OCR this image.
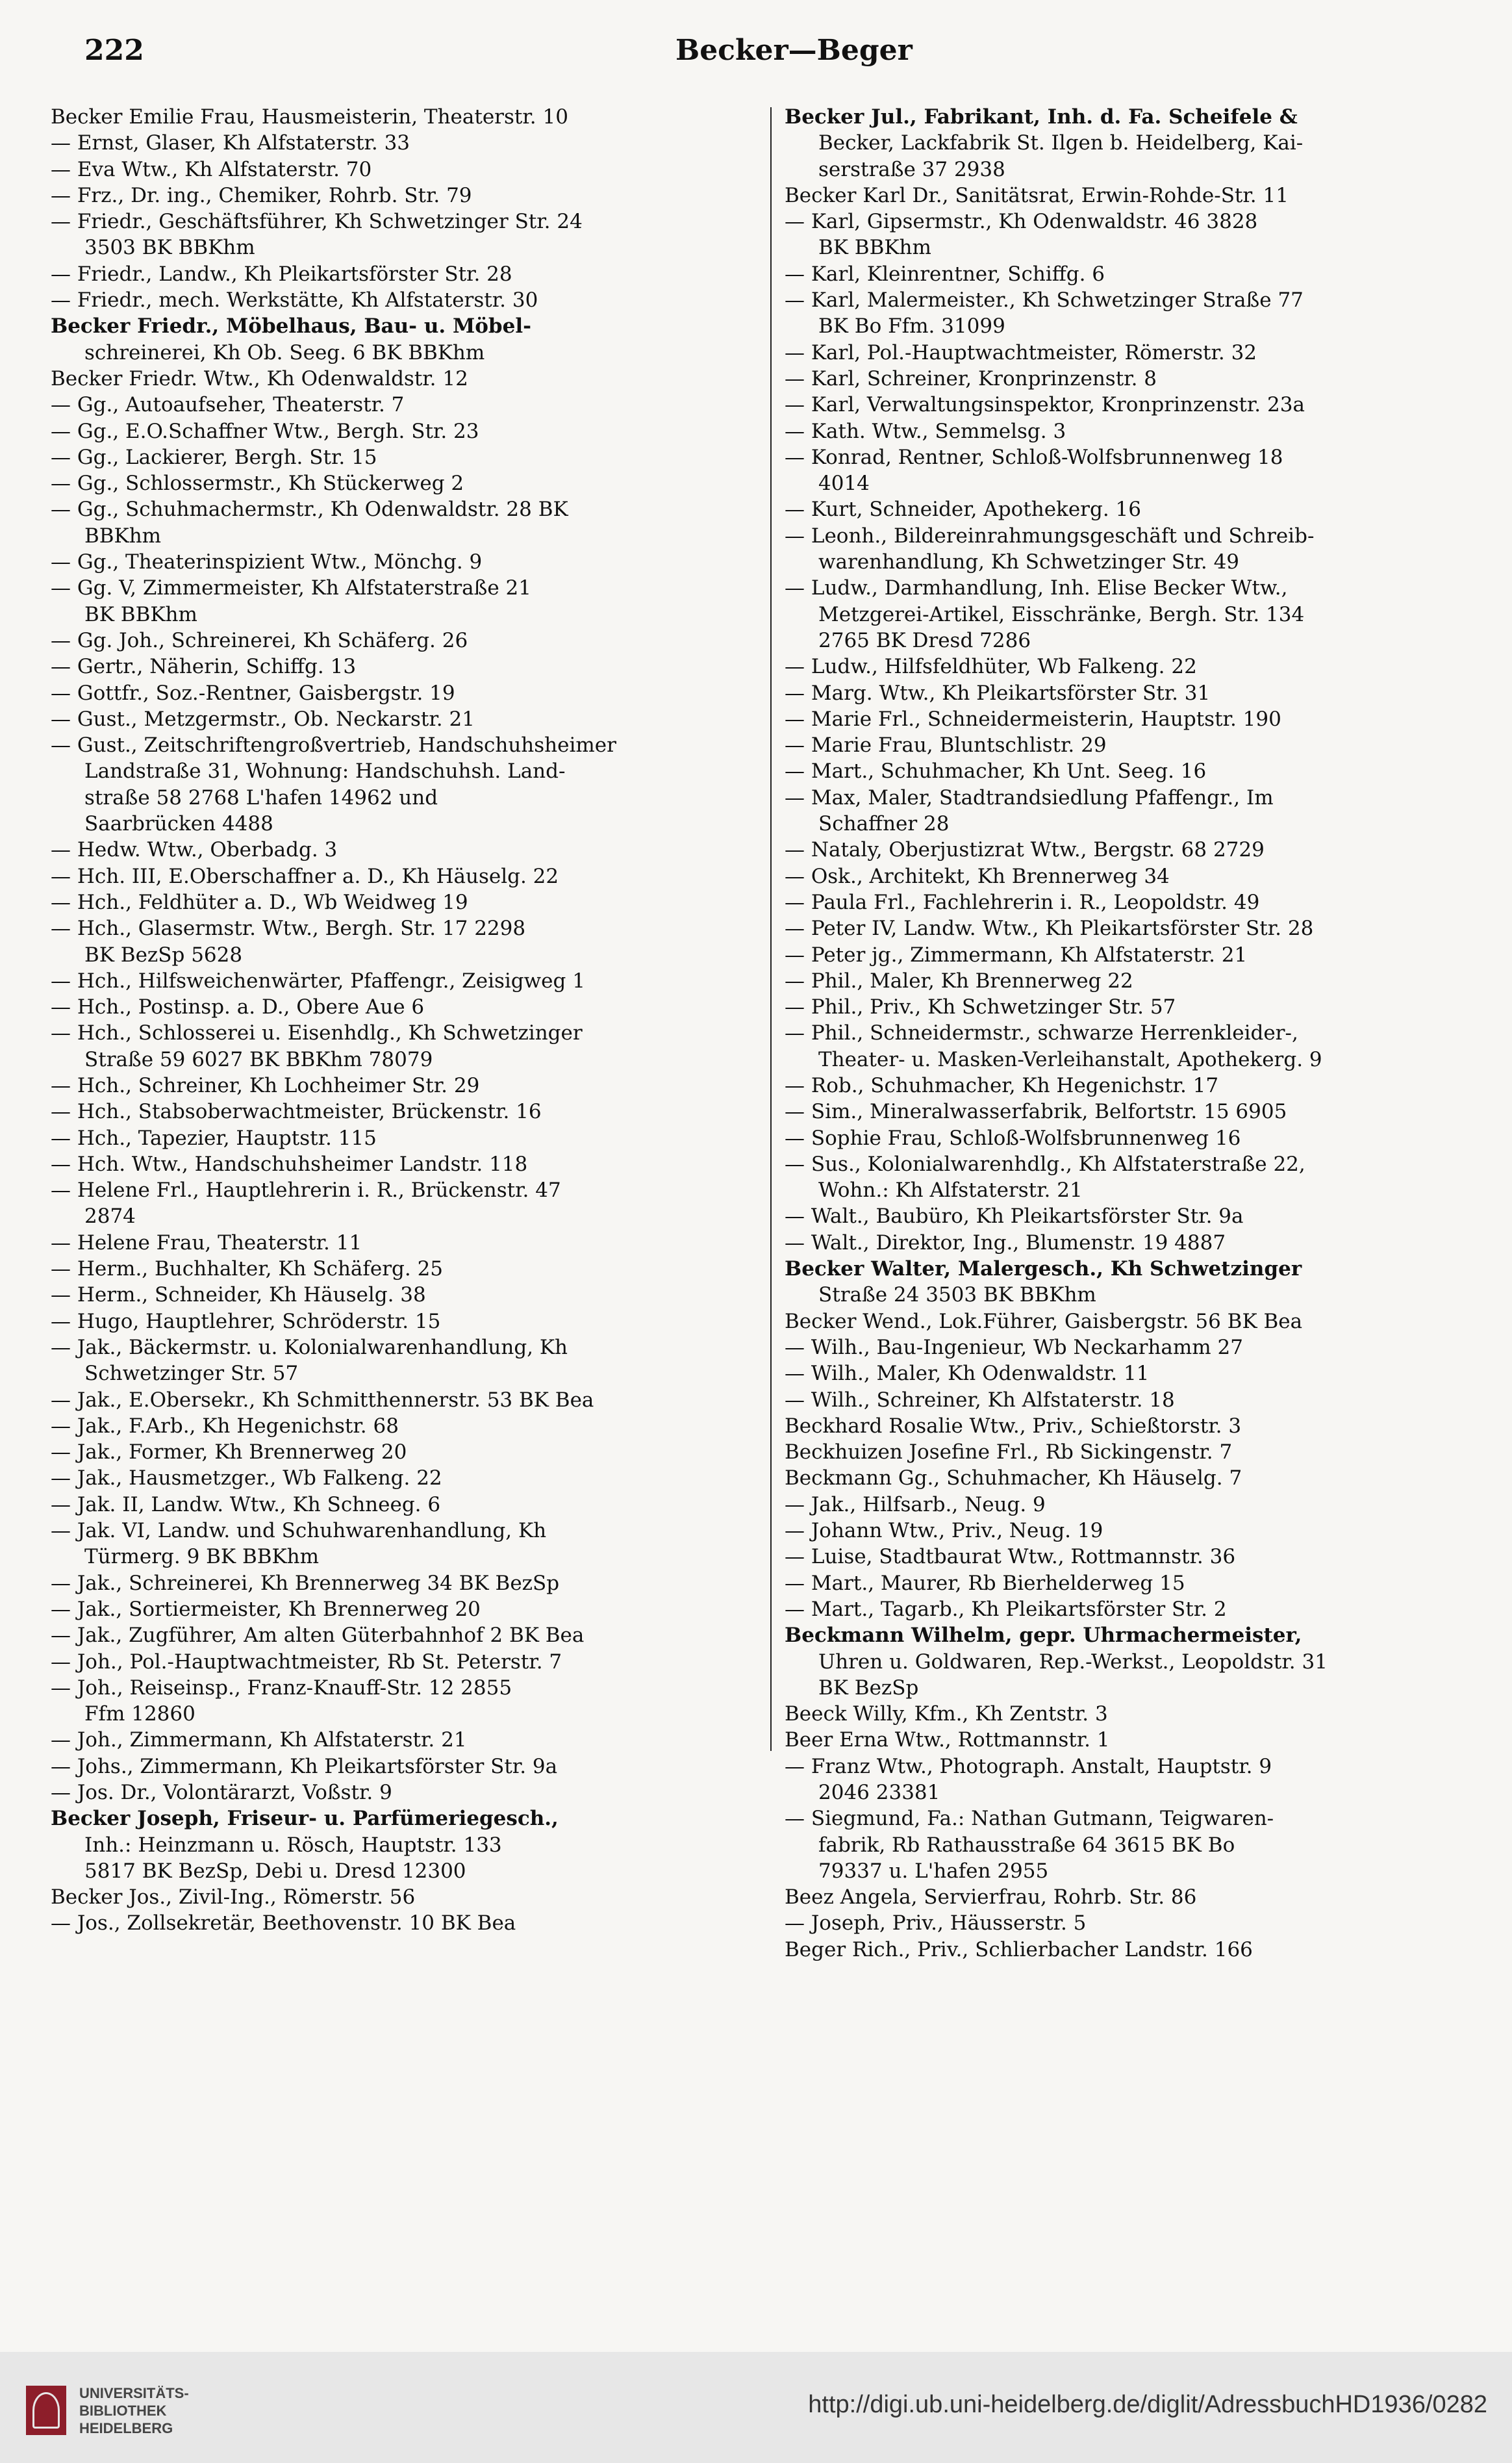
222	Becker—Beger
Becker Emilie Frau, Hausmeisterin, Theaterstr. 10
— Ernst, Glaser, Kh Alfstaterstr. 33
— Eva Wtw., Kh Alfstaterstr. 70
— Frz., Dr. ing., Chemiker, Rohrb. Str. 79
— Friedr., Geschäftsführer, Kh Schwetzinger Str. 24
3503 BK BBKhm
— Friedr., Landw., Kh Pleikartsförster Str. 28
— Friedr., mech. Werkstätte, Kh Alfstaterstr. 30
Becker Friedr., Möbelhaus, Bau- u. Möbel-
schreinerei, Kh Ob. Seeg. 6 BK BBKhm
Becker Friedr. Wtw., Kh Odenwaldstr. 12
— Gg., Autoaufseher, Theaterstr. 7
— Gg., E.O.Schaffner Wtw., Bergh. Str. 23
— Gg., Lackierer, Bergh. Str. 15
— Gg., Schlossermstr., Kh Stückerweg 2
— Gg., Schuhmachermstr., Kh Odenwaldstr. 28 BK
BBKhm
— Gg., Theaterinspizient Wtw., Mönchg. 9
— Gg. V, Zimmermeister, Kh Alfstaterstraße 21
BK BBKhm
— Gg. Joh., Schreinerei, Kh Schäferg. 26
— Gertr., Näherin, Schiffg. 13
— Gottfr., Soz.-Rentner, Gaisbergstr. 19
— Gust., Metzgermstr., Ob. Neckarstr. 21
— Gust., Zeitschriftengroßvertrieb, Handschuhsheimer
Landstraße 31, Wohnung: Handschuhsh. Land-
straße 58 2768 L'hafen 14962 und
Saarbrücken 4488
— Hedw. Wtw., Oberbadg. 3
— Hch. III, E.Oberschaffner a. D., Kh Häuselg. 22
— Hch., Feldhüter a. D., Wb Weidweg 19
— Hch., Glasermstr. Wtw., Bergh. Str. 17 2298
BK BezSp 5628
— Hch., Hilfsweichenwärter, Pfaffengr., Zeisigweg 1
— Hch., Postinsp. a. D., Obere Aue 6
— Hch., Schlosserei u. Eisenhdlg., Kh Schwetzinger
Straße 59 6027 BK BBKhm 78079
— Hch., Schreiner, Kh Lochheimer Str. 29
— Hch., Stabsoberwachtmeister, Brückenstr. 16
— Hch., Tapezier, Hauptstr. 115
— Hch. Wtw., Handschuhsheimer Landstr. 118
— Helene Frl., Hauptlehrerin i. R., Brückenstr. 47
2874
— Helene Frau, Theaterstr. 11
— Herm., Buchhalter, Kh Schäferg. 25
— Herm., Schneider, Kh Häuselg. 38
— Hugo, Hauptlehrer, Schröderstr. 15
— Jak., Bäckermstr. u. Kolonialwarenhandlung, Kh
Schwetzinger Str. 57
— Jak., E.Obersekr., Kh Schmitthennerstr. 53 BK Bea
— Jak., F.Arb., Kh Hegenichstr. 68
— Jak., Former, Kh Brennerweg 20
— Jak., Hausmetzger., Wb Falkeng. 22
— Jak. II, Landw. Wtw., Kh Schneeg. 6
— Jak. VI, Landw. und Schuhwarenhandlung, Kh
Türmerg. 9 BK BBKhm
— Jak., Schreinerei, Kh Brennerweg 34 BK BezSp
— Jak., Sortiermeister, Kh Brennerweg 20
— Jak., Zugführer, Am alten Güterbahnhof 2 BK Bea
— Joh., Pol.-Hauptwachtmeister, Rb St. Peterstr. 7
— Joh., Reiseinsp., Franz-Knauff-Str. 12 2855
Ffm 12860
— Joh., Zimmermann, Kh Alfstaterstr. 21
— Johs., Zimmermann, Kh Pleikartsförster Str. 9a
— Jos. Dr., Volontärarzt, Voßstr. 9
Becker Joseph, Friseur- u. Parfümeriegesch.,
Inh.: Heinzmann u. Rösch, Hauptstr. 133
5817 BK BezSp, Debi u. Dresd 12300
Becker Jos., Zivil-Ing., Römerstr. 56
— Jos., Zollsekretär, Beethovenstr. 10 BK Bea
Becker Jul., Fabrikant, Inh. d. Fa. Scheifele &
Becker, Lackfabrik St. Ilgen b. Heidelberg, Kai-
serstraße 37 2938
Becker Karl Dr., Sanitätsrat, Erwin-Rohde-Str. 11
— Karl, Gipsermstr., Kh Odenwaldstr. 46 3828
BK BBKhm
— Karl, Kleinrentner, Schiffg. 6
— Karl, Malermeister., Kh Schwetzinger Straße 77
BK Bo Ffm. 31099
— Karl, Pol.-Hauptwachtmeister, Römerstr. 32
— Karl, Schreiner, Kronprinzenstr. 8
— Karl, Verwaltungsinspektor, Kronprinzenstr. 23a
— Kath. Wtw., Semmelsg. 3
— Konrad, Rentner, Schloß-Wolfsbrunnenweg 18
4014
— Kurt, Schneider, Apothekerg. 16
— Leonh., Bildereinrahmungsgeschäft und Schreib-
warenhandlung, Kh Schwetzinger Str. 49
— Ludw., Darmhandlung, Inh. Elise Becker Wtw.,
Metzgerei-Artikel, Eisschränke, Bergh. Str. 134
2765 BK Dresd 7286
— Ludw., Hilfsfeldhüter, Wb Falkeng. 22
— Marg. Wtw., Kh Pleikartsförster Str. 31
— Marie Frl., Schneidermeisterin, Hauptstr. 190
— Marie Frau, Bluntschlistr. 29
— Mart., Schuhmacher, Kh Unt. Seeg. 16
— Max, Maler, Stadtrandsiedlung Pfaffengr., Im
Schaffner 28
— Nataly, Oberjustizrat Wtw., Bergstr. 68 2729
— Osk., Architekt, Kh Brennerweg 34
— Paula Frl., Fachlehrerin i. R., Leopoldstr. 49
— Peter IV, Landw. Wtw., Kh Pleikartsförster Str. 28
— Peter jg., Zimmermann, Kh Alfstaterstr. 21
— Phil., Maler, Kh Brennerweg 22
— Phil., Priv., Kh Schwetzinger Str. 57
— Phil., Schneidermstr., schwarze Herrenkleider-,
Theater- u. Masken-Verleihanstalt, Apothekerg. 9
— Rob., Schuhmacher, Kh Hegenichstr. 17
— Sim., Mineralwasserfabrik, Belfortstr. 15 6905
— Sophie Frau, Schloß-Wolfsbrunnenweg 16
— Sus., Kolonialwarenhdlg., Kh Alfstaterstraße 22,
Wohn.: Kh Alfstaterstr. 21
— Walt., Baubüro, Kh Pleikartsförster Str. 9a
— Walt., Direktor, Ing., Blumenstr. 19 4887
Becker Walter, Malergesch., Kh Schwetzinger
Straße 24 3503 BK BBKhm
Becker Wend., Lok.Führer, Gaisbergstr. 56 BK Bea
— Wilh., Bau-Ingenieur, Wb Neckarhamm 27
— Wilh., Maler, Kh Odenwaldstr. 11
— Wilh., Schreiner, Kh Alfstaterstr. 18
Beckhard Rosalie Wtw., Priv., Schießtorstr. 3
Beckhuizen Josefine Frl., Rb Sickingenstr. 7
Beckmann Gg., Schuhmacher, Kh Häuselg. 7
— Jak., Hilfsarb., Neug. 9
— Johann Wtw., Priv., Neug. 19
— Luise, Stadtbaurat Wtw., Rottmannstr. 36
— Mart., Maurer, Rb Bierhelderweg 15
— Mart., Tagarb., Kh Pleikartsförster Str. 2
Beckmann Wilhelm, gepr. Uhrmachermeister,
Uhren u. Goldwaren, Rep.-Werkst., Leopoldstr. 31
BK BezSp
Beeck Willy, Kfm., Kh Zentstr. 3
Beer Erna Wtw., Rottmannstr. 1
— Franz Wtw., Photograph. Anstalt, Hauptstr. 9
2046 23381
— Siegmund, Fa.: Nathan Gutmann, Teigwaren-
fabrik, Rb Rathausstraße 64 3615 BK Bo
79337 u. L'hafen 2955
Beez Angela, Servierfrau, Rohrb. Str. 86
— Joseph, Priv., Häusserstr. 5
Beger Rich., Priv., Schlierbacher Landstr. 166
UNIVERSITÄTS-
BIBLIOTHEK
HEIDELBERG
http://digi.ub.uni-heidelberg.de/diglit/AdressbuchHD1936/0282
